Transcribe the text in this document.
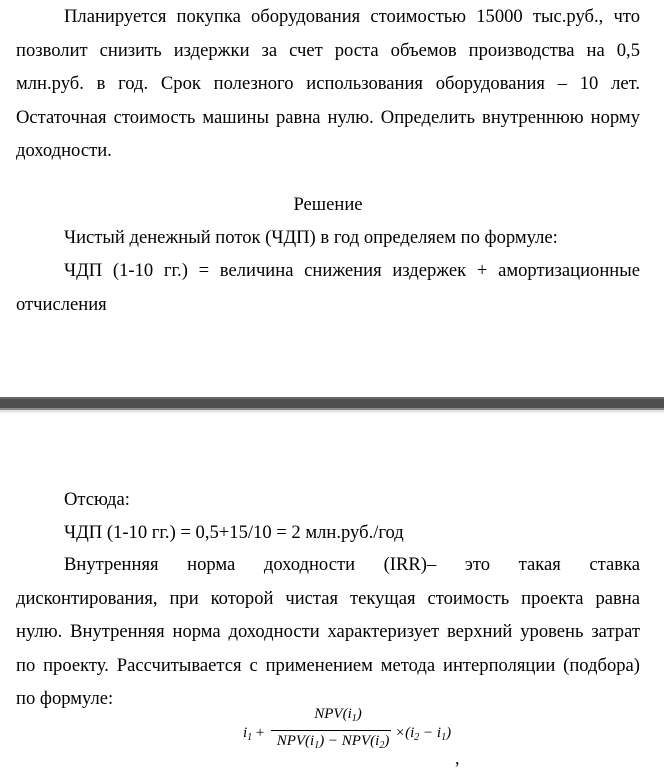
Планируется покупка оборудования стоимостью 15000 тыс.руб., что
позволит снизить издержки за счет роста объемов производства на 0,5
млн.руб. в год. Срок полезного использования оборудования – 10 лет.
Остаточная стоимость машины равна нулю. Определить внутреннюю норму
доходности.
Решение
Чистый денежный поток (ЧДП) в год определяем по формуле:
ЧДП (1-10 гг.) = величина снижения издержек + амортизационные
отчисления
Отсюда:
ЧДП (1-10 гг.) = 0,5+15/10 = 2 млн.руб./год
Внутренняя норма доходности (IRR)– это такая ставка
дисконтирования, при которой чистая текущая стоимость проекта равна
нулю. Внутренняя норма доходности характеризует верхний уровень затрат
по проекту. Рассчитывается с применением метода интерполяции (подбора)
по формуле:
$i_1$ +
$NPV(i_1)$
$NPV(i_1) - NPV(i_2) \times(i_2 - i_1)$
,
